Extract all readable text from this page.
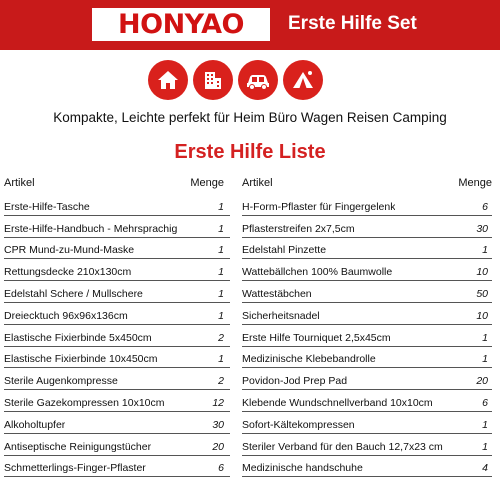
HONYAO Erste Hilfe Set
Kompakte, Leichte perfekt für Heim Büro Wagen Reisen Camping
Erste Hilfe Liste
Artikel	Menge
Erste-Hilfe-Tasche	1
Erste-Hilfe-Handbuch - Mehrsprachig	1
CPR Mund-zu-Mund-Maske	1
Rettungsdecke 210x130cm	1
Edelstahl Schere / Mullschere	1
Dreiecktuch 96x96x136cm	1
Elastische Fixierbinde 5x450cm	2
Elastische Fixierbinde 10x450cm	1
Sterile Augenkompresse	2
Sterile Gazekompressen 10x10cm	12
Alkoholtupfer	30
Antiseptische Reinigungstücher	20
Schmetterlings-Finger-Pflaster	6
Artikel	Menge
H-Form-Pflaster für Fingergelenk	6
Pflasterstreifen 2x7,5cm	30
Edelstahl Pinzette	1
Wattebällchen 100% Baumwolle	10
Wattestäbchen	50
Sicherheitsnadel	10
Erste Hilfe Tourniquet 2,5x45cm	1
Medizinische Klebebandrolle	1
Povidon-Jod Prep Pad	20
Klebende Wundschnellverband 10x10cm	6
Sofort-Kältekompressen	1
Steriler Verband für den Bauch 12,7x23 cm	1
Medizinische handschuhe	4
